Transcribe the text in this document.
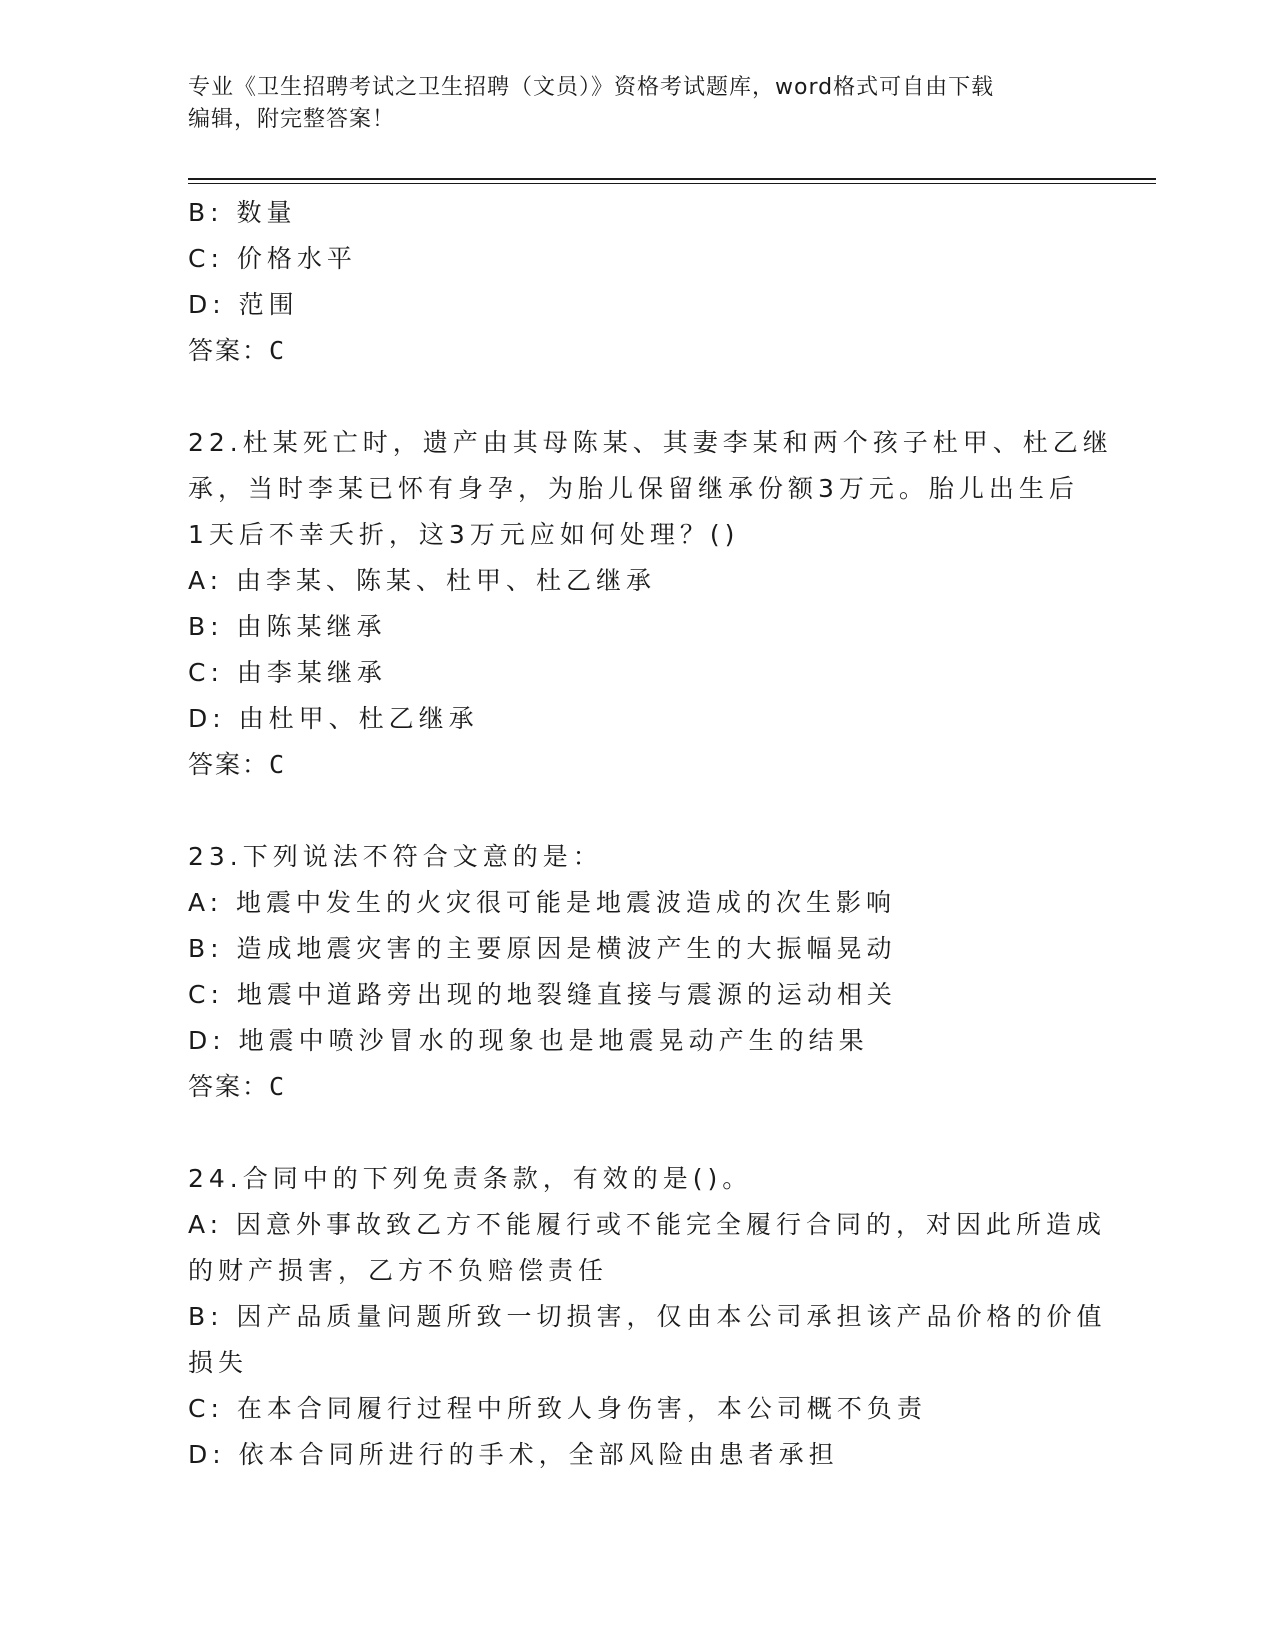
专业《卫生招聘考试之卫生招聘（文员）》资格考试题库，word格式可自由下载
编辑，附完整答案！
B: 数量
C: 价格水平
D: 范围
答案：C
22.杜某死亡时，遗产由其母陈某、其妻李某和两个孩子杜甲、杜乙继
承，当时李某已怀有身孕，为胎儿保留继承份额3万元。胎儿出生后
1天后不幸夭折，这3万元应如何处理？()
A: 由李某、陈某、杜甲、杜乙继承
B: 由陈某继承
C: 由李某继承
D: 由杜甲、杜乙继承
答案：C
23.下列说法不符合文意的是：
A: 地震中发生的火灾很可能是地震波造成的次生影响
B: 造成地震灾害的主要原因是横波产生的大振幅晃动
C: 地震中道路旁出现的地裂缝直接与震源的运动相关
D: 地震中喷沙冒水的现象也是地震晃动产生的结果
答案：C
24.合同中的下列免责条款，有效的是()。
A: 因意外事故致乙方不能履行或不能完全履行合同的，对因此所造成
的财产损害，乙方不负赔偿责任
B: 因产品质量问题所致一切损害，仅由本公司承担该产品价格的价值
损失
C: 在本合同履行过程中所致人身伤害，本公司概不负责
D: 依本合同所进行的手术，全部风险由患者承担
